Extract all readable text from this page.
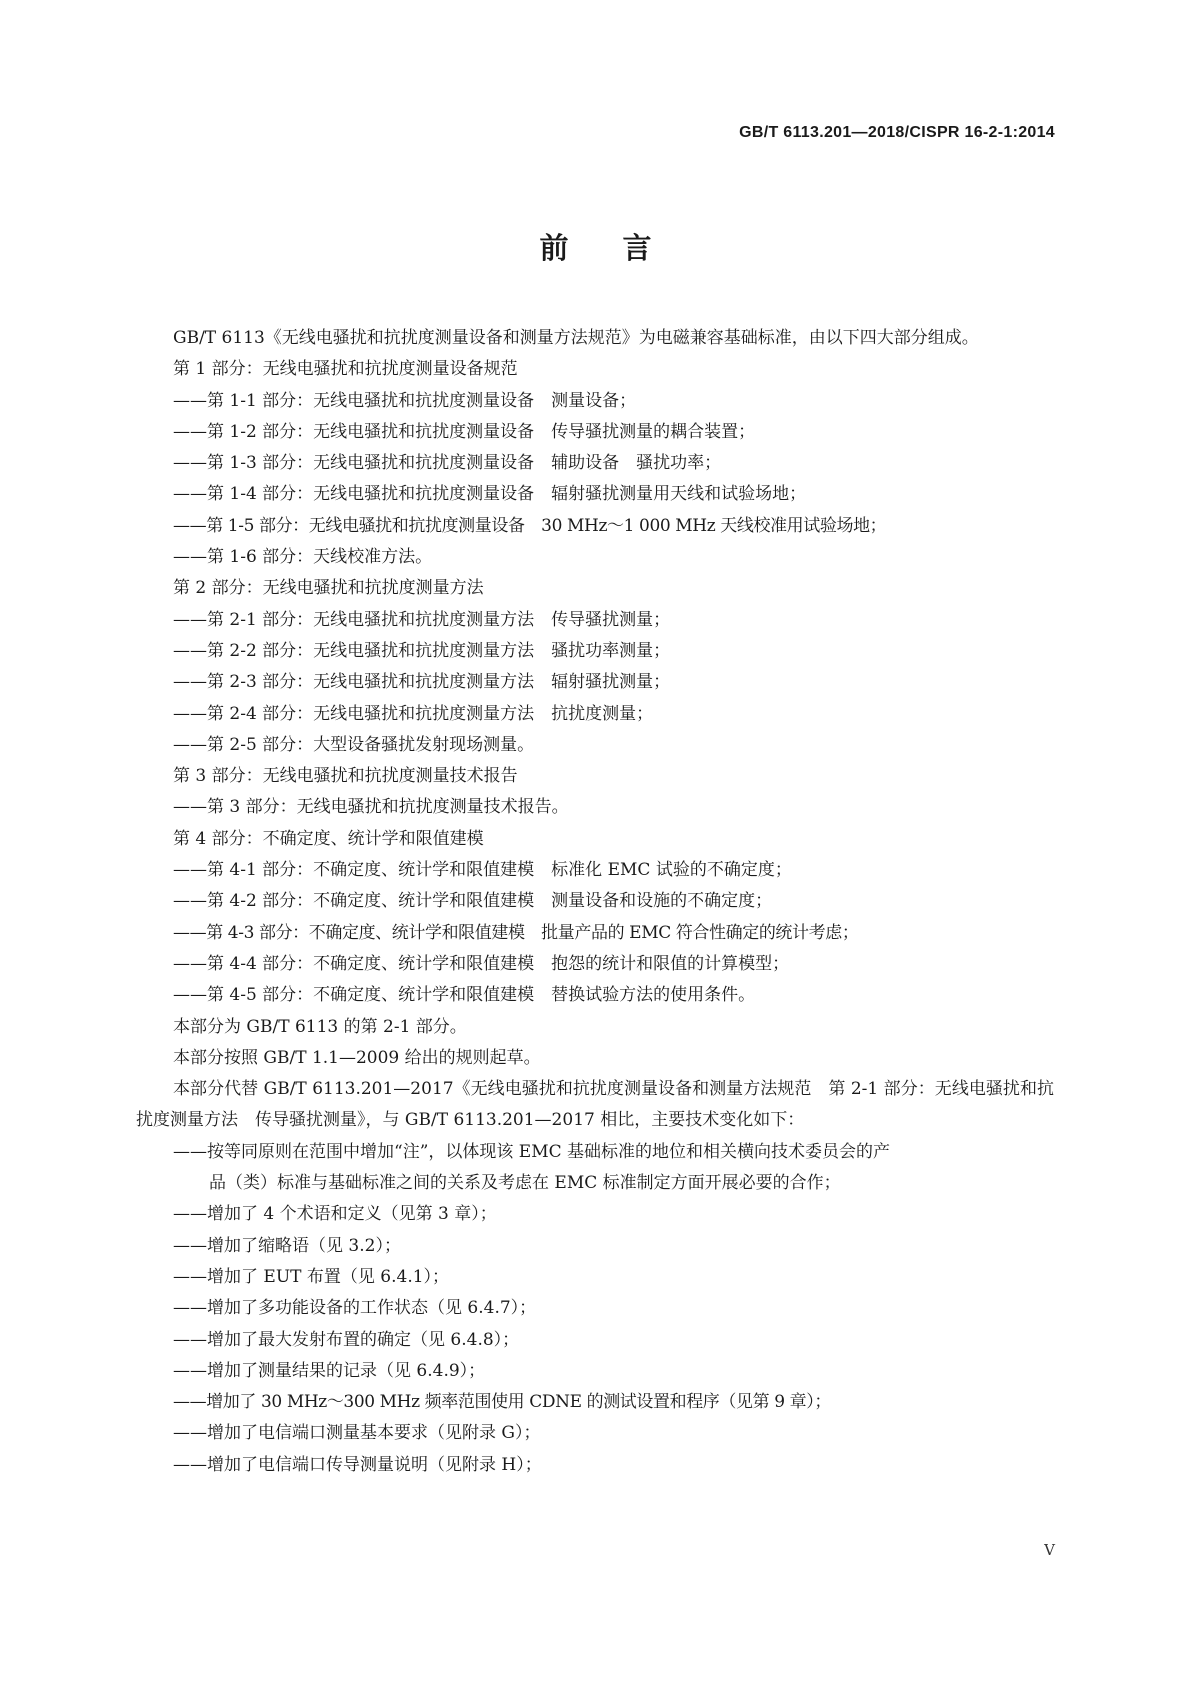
GB/T 6113.201—2018/CISPR 16-2-1:2014
前 言

GB/T 6113《无线电骚扰和抗扰度测量设备和测量方法规范》为电磁兼容基础标准，由以下四大部分组成。

第 1 部分：无线电骚扰和抗扰度测量设备规范

——第 1-1 部分：无线电骚扰和抗扰度测量设备　测量设备；

——第 1-2 部分：无线电骚扰和抗扰度测量设备　传导骚扰测量的耦合装置；

——第 1-3 部分：无线电骚扰和抗扰度测量设备　辅助设备　骚扰功率；

——第 1-4 部分：无线电骚扰和抗扰度测量设备　辐射骚扰测量用天线和试验场地；

——第 1-5 部分：无线电骚扰和抗扰度测量设备　30 MHz～1 000 MHz 天线校准用试验场地；

——第 1-6 部分：天线校准方法。

第 2 部分：无线电骚扰和抗扰度测量方法

——第 2-1 部分：无线电骚扰和抗扰度测量方法　传导骚扰测量；

——第 2-2 部分：无线电骚扰和抗扰度测量方法　骚扰功率测量；

——第 2-3 部分：无线电骚扰和抗扰度测量方法　辐射骚扰测量；

——第 2-4 部分：无线电骚扰和抗扰度测量方法　抗扰度测量；

——第 2-5 部分：大型设备骚扰发射现场测量。

第 3 部分：无线电骚扰和抗扰度测量技术报告

——第 3 部分：无线电骚扰和抗扰度测量技术报告。

第 4 部分：不确定度、统计学和限值建模

——第 4-1 部分：不确定度、统计学和限值建模　标准化 EMC 试验的不确定度；

——第 4-2 部分：不确定度、统计学和限值建模　测量设备和设施的不确定度；

——第 4-3 部分：不确定度、统计学和限值建模　批量产品的 EMC 符合性确定的统计考虑；

——第 4-4 部分：不确定度、统计学和限值建模　抱怨的统计和限值的计算模型；

——第 4-5 部分：不确定度、统计学和限值建模　替换试验方法的使用条件。

本部分为 GB/T 6113 的第 2-1 部分。

本部分按照 GB/T 1.1—2009 给出的规则起草。

本部分代替 GB/T 6113.201—2017《无线电骚扰和抗扰度测量设备和测量方法规范　第 2-1 部分：无线电骚扰和抗扰度测量方法　传导骚扰测量》，与 GB/T 6113.201—2017 相比，主要技术变化如下：

——按等同原则在范围中增加“注”，以体现该 EMC 基础标准的地位和相关横向技术委员会的产

品（类）标准与基础标准之间的关系及考虑在 EMC 标准制定方面开展必要的合作；

——增加了 4 个术语和定义（见第 3 章）；

——增加了缩略语（见 3.2）；

——增加了 EUT 布置（见 6.4.1）；

——增加了多功能设备的工作状态（见 6.4.7）；

——增加了最大发射布置的确定（见 6.4.8）；

——增加了测量结果的记录（见 6.4.9）；

——增加了 30 MHz～300 MHz 频率范围使用 CDNE 的测试设置和程序（见第 9 章）；

——增加了电信端口测量基本要求（见附录 G）；

——增加了电信端口传导测量说明（见附录 H）；

V
